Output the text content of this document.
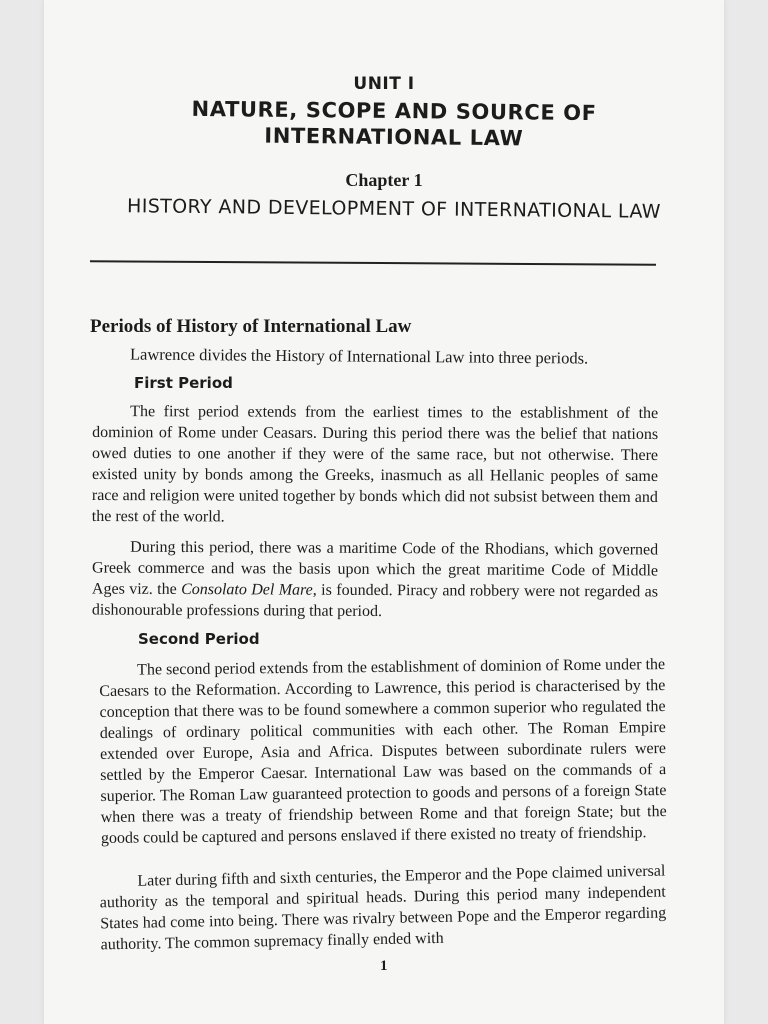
UNIT I
NATURE, SCOPE AND SOURCE OF INTERNATIONAL LAW
Chapter 1
HISTORY AND DEVELOPMENT OF INTERNATIONAL LAW
Periods of History of International Law
Lawrence divides the History of International Law into three periods.
First Period

The first period extends from the earliest times to the establishment of the dominion of Rome under Ceasars. During this period there was the belief that nations owed duties to one another if they were of the same race, but not otherwise. There existed unity by bonds among the Greeks, inasmuch as all Hellanic peoples of same race and religion were united together by bonds which did not subsist between them and the rest of the world.

During this period, there was a maritime Code of the Rhodians, which governed Greek commerce and was the basis upon which the great maritime Code of Middle Ages viz. the Consolato Del Mare, is founded. Piracy and robbery were not regarded as dishonourable professions during that period.

Second Period

The second period extends from the establishment of dominion of Rome under the Caesars to the Reformation. According to Lawrence, this period is characterised by the conception that there was to be found somewhere a common superior who regulated the dealings of ordinary political communities with each other. The Roman Empire extended over Europe, Asia and Africa. Disputes between subordinate rulers were settled by the Emperor Caesar. International Law was based on the commands of a superior. The Roman Law guaranteed protection to goods and persons of a foreign State when there was a treaty of friendship between Rome and that foreign State; but the goods could be captured and persons enslaved if there existed no treaty of friendship.

Later during fifth and sixth centuries, the Emperor and the Pope claimed universal authority as the temporal and spiritual heads. During this period many independent States had come into being. There was rivalry between Pope and the Emperor regarding authority. The common supremacy finally ended with

1
